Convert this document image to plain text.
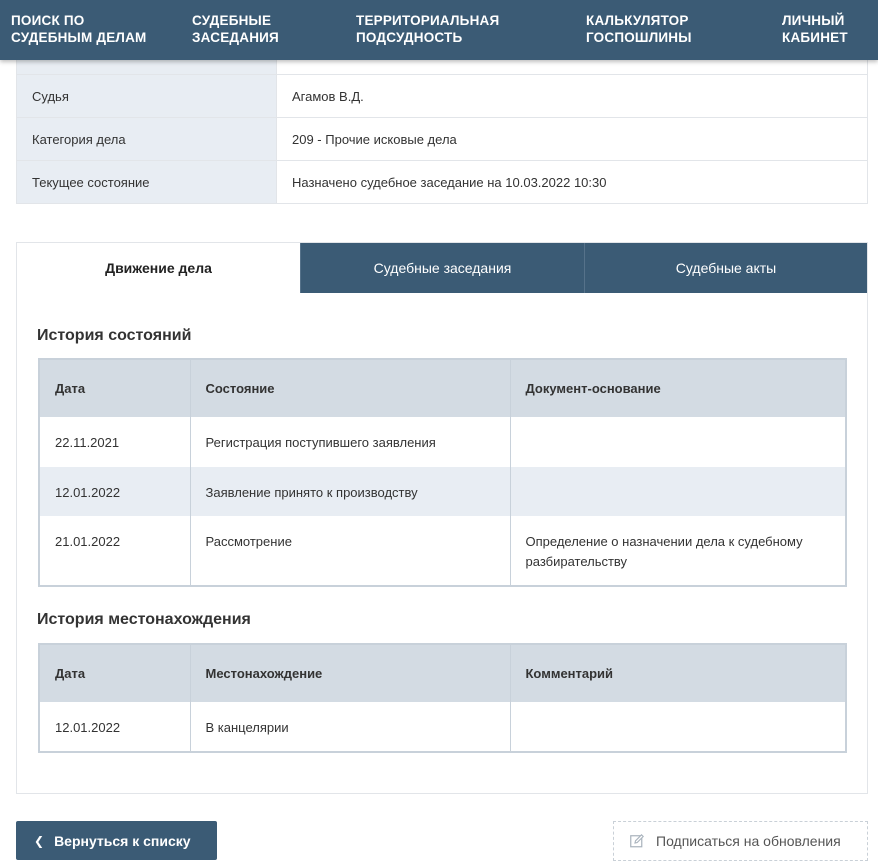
ПОИСК ПО
СУДЕБНЫМ ДЕЛАМ
СУДЕБНЫЕ
ЗАСЕДАНИЯ
ТЕРРИТОРИАЛЬНАЯ
ПОДСУДНОСТЬ
КАЛЬКУЛЯТОР
ГОСПОШЛИНЫ
ЛИЧНЫЙ
КАБИНЕТ
Судья	Агамов В.Д.
Категория дела	209 - Прочие исковые дела
Текущее состояние	Назначено судебное заседание на 10.03.2022 10:30
Движение дела	Судебные заседания	Судебные акты
История состояний
Дата	Состояние	Документ-основание

22.11.2021	Регистрация поступившего заявления	

12.01.2022	Заявление принято к производству	

21.01.2022	Рассмотрение	Определение о назначении дела к судебному разбирательству
История местонахождения
Дата	Местонахождение	Комментарий

12.01.2022	В канцелярии	

❮ Вернуться к списку	Подписаться на обновления
